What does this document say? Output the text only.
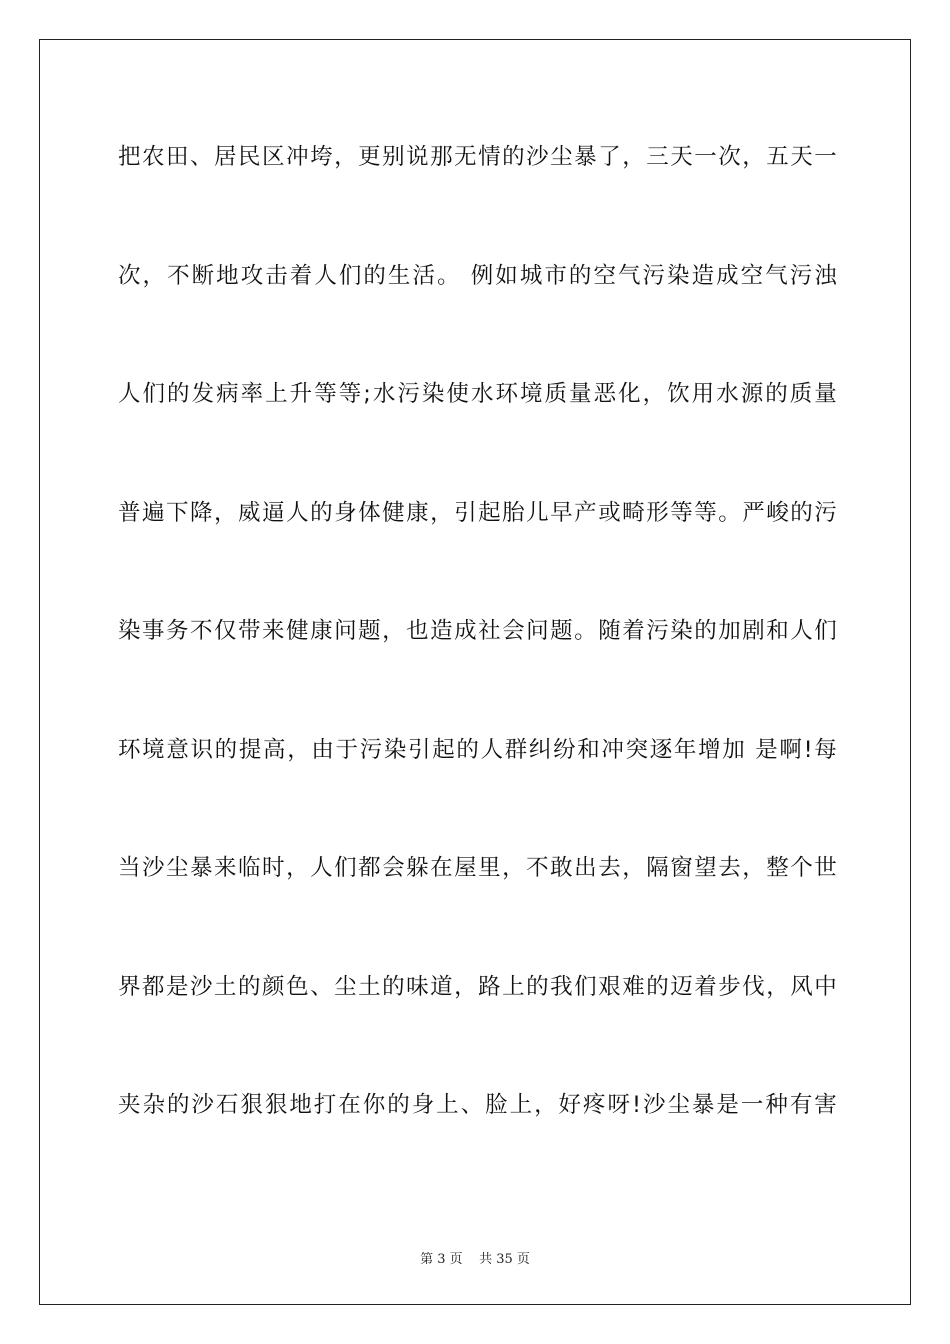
把农田、居民区冲垮，更别说那无情的沙尘暴了，三天一次，五天一
次，不断地攻击着人们的生活。 例如城市的空气污染造成空气污浊
人们的发病率上升等等;水污染使水环境质量恶化，饮用水源的质量
普遍下降，威逼人的身体健康，引起胎儿早产或畸形等等。严峻的污
染事务不仅带来健康问题，也造成社会问题。随着污染的加剧和人们
环境意识的提高，由于污染引起的人群纠纷和冲突逐年增加 是啊!每
当沙尘暴来临时，人们都会躲在屋里，不敢出去，隔窗望去，整个世
界都是沙土的颜色、尘土的味道，路上的我们艰难的迈着步伐，风中
夹杂的沙石狠狠地打在你的身上、脸上，好疼呀!沙尘暴是一种有害
第 3 页    共 35 页
